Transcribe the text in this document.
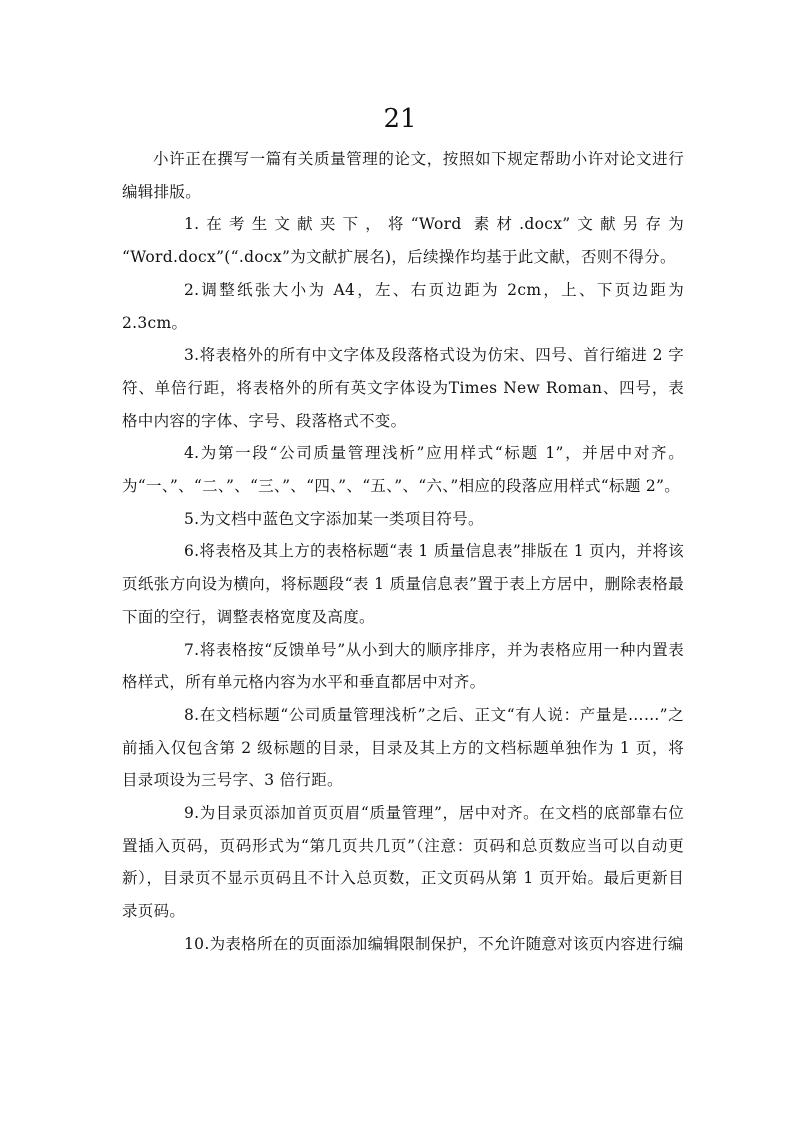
21

小许正在撰写一篇有关质量管理的论文，按照如下规定帮助小许对论文进行编辑排版。

1.在考生文献夹下，将“Word 素材.docx”文献另存为 “Word.docx”(“.docx”为文献扩展名)，后续操作均基于此文献，否则不得分。

2.调整纸张大小为 A4，左、右页边距为 2cm，上、下页边距为 2.3cm。

3.将表格外的所有中文字体及段落格式设为仿宋、四号、首行缩进 2 字符、单倍行距，将表格外的所有英文字体设为Times New Roman、四号，表格中内容的字体、字号、段落格式不变。

4.为第一段“公司质量管理浅析”应用样式“标题 1”，并居中对齐。为“一、”、“二、”、“三、”、“四、”、“五、”、“六、”相应的段落应用样式“标题 2”。

5.为文档中蓝色文字添加某一类项目符号。

6.将表格及其上方的表格标题“表 1 质量信息表”排版在 1 页内，并将该页纸张方向设为横向，将标题段“表 1 质量信息表”置于表上方居中，删除表格最下面的空行，调整表格宽度及高度。

7.将表格按“反馈单号”从小到大的顺序排序，并为表格应用一种内置表格样式，所有单元格内容为水平和垂直都居中对齐。

8.在文档标题“公司质量管理浅析”之后、正文“有人说：产量是……”之前插入仅包含第 2 级标题的目录，目录及其上方的文档标题单独作为 1 页，将目录项设为三号字、3 倍行距。

9.为目录页添加首页页眉“质量管理”，居中对齐。在文档的底部靠右位置插入页码，页码形式为“第几页共几页”（注意：页码和总页数应当可以自动更新），目录页不显示页码且不计入总页数，正文页码从第 1 页开始。最后更新目录页码。

10.为表格所在的页面添加编辑限制保护，不允许随意对该页内容进行编
